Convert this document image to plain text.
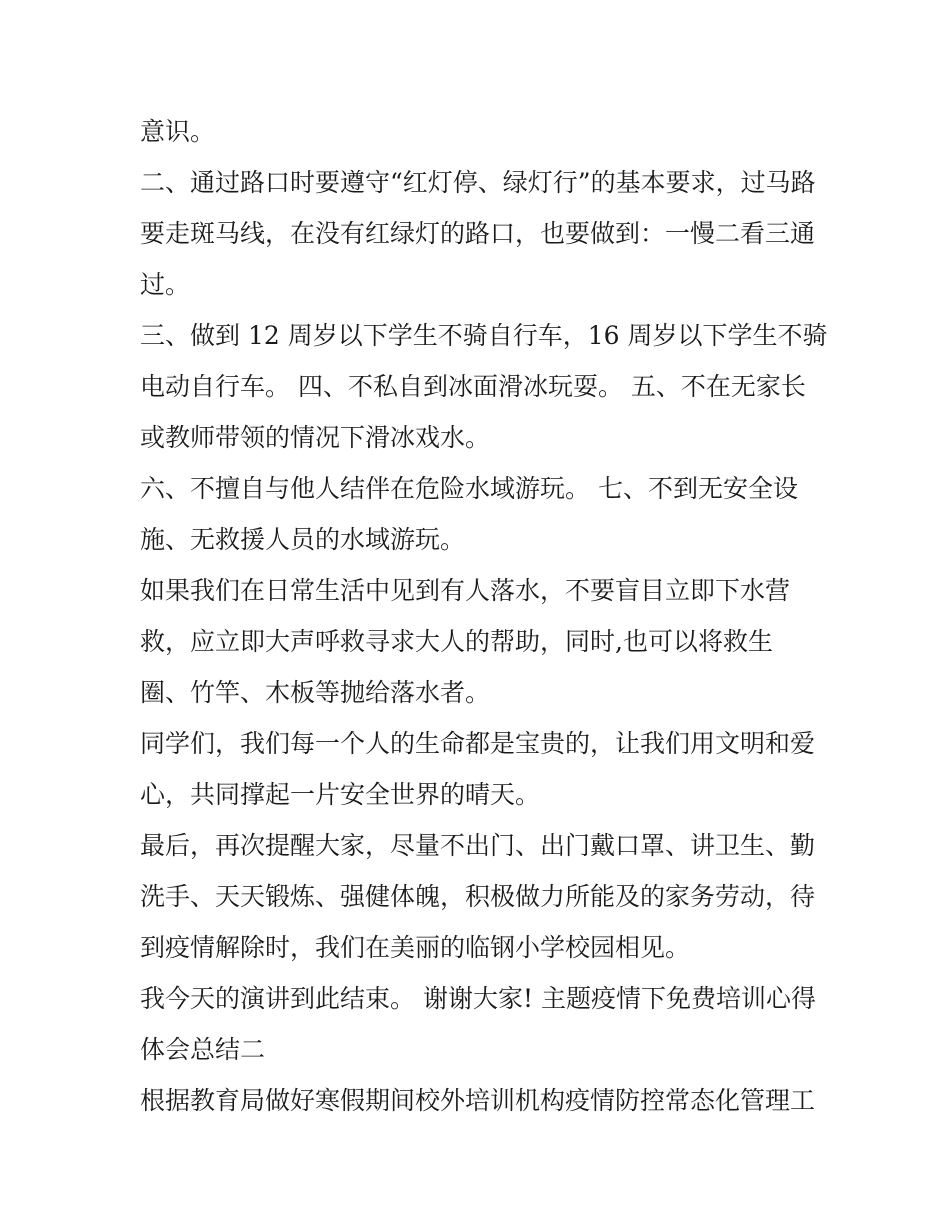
意识。
二、通过路口时要遵守“红灯停、绿灯行”的基本要求，过马路
要走斑马线，在没有红绿灯的路口，也要做到：一慢二看三通
过。
三、做到 12 周岁以下学生不骑自行车，16 周岁以下学生不骑
电动自行车。 四、不私自到冰面滑冰玩耍。 五、不在无家长
或教师带领的情况下滑冰戏水。
六、不擅自与他人结伴在危险水域游玩。 七、不到无安全设
施、无救援人员的水域游玩。
如果我们在日常生活中见到有人落水，不要盲目立即下水营
救，应立即大声呼救寻求大人的帮助，同时,也可以将救生
圈、竹竿、木板等抛给落水者。
同学们，我们每一个人的生命都是宝贵的，让我们用文明和爱
心，共同撑起一片安全世界的晴天。
最后，再次提醒大家，尽量不出门、出门戴口罩、讲卫生、勤
洗手、天天锻炼、强健体魄，积极做力所能及的家务劳动，待
到疫情解除时，我们在美丽的临钢小学校园相见。
我今天的演讲到此结束。 谢谢大家! 主题疫情下免费培训心得
体会总结二
根据教育局做好寒假期间校外培训机构疫情防控常态化管理工
